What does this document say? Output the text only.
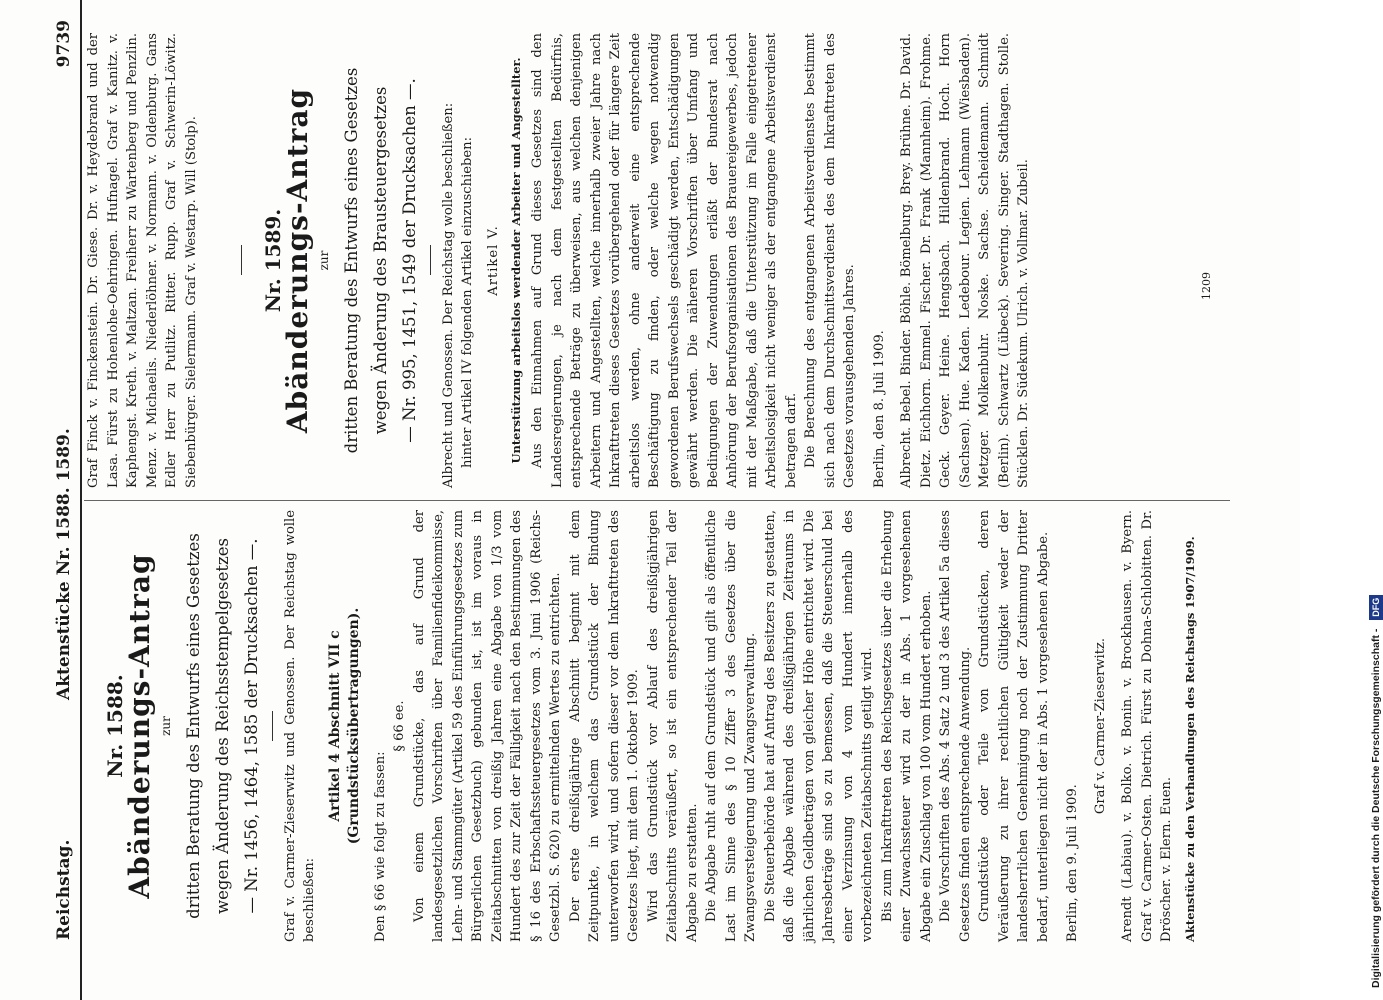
Reichstag.
Aktenstücke Nr. 1588. 1589.
9739
Nr. 1588.
Abänderungs-Antrag zur dritten Beratung des Entwurfs eines Gesetzes wegen Änderung des Reichsstempelgesetzes — Nr. 1456, 1464, 1585 der Drucksachen —. Graf v. Carmer-Zieserwitz und Genossen. Der Reichstag wolle beschließen:

Artikel 4 Abschnitt VII c (Grundstücksübertragungen).

Den § 66 wie folgt zu fassen:

§ 66 ee. Von einem Grundstücke, das auf Grund der landesgesetzlichen Vorschriften über Familienfideikommisse, Lehn- und Stammgüter (Artikel 59 des Einführungsgesetzes zum Bürgerlichen Gesetzbuch) gebunden ist, ist im voraus in Zeitabschnitten von dreißig Jahren eine Abgabe von 1/3 vom Hundert des zur Zeit der Fälligkeit nach den Bestimmungen des § 16 des Erbschaftssteuergesetzes vom 3. Juni 1906 (Reichs-Gesetzbl. S. 620) zu ermittelnden Wertes zu entrichten. Der erste dreißigjährige Abschnitt beginnt mit dem Zeitpunkte, in welchem das Grundstück der Bindung unterworfen wird, und sofern dieser vor dem Inkrafttreten des Gesetzes liegt, mit dem 1. Oktober 1909. Wird das Grundstück vor Ablauf des dreißigjährigen Zeitabschnitts veräußert, so ist ein entsprechender Teil der Abgabe zu erstatten. Die Abgabe ruht auf dem Grundstück und gilt als öffentliche Last im Sinne des § 10 Ziffer 3 des Gesetzes über die Zwangsversteigerung und Zwangsverwaltung. Die Steuerbehörde hat auf Antrag des Besitzers zu gestatten, daß die Abgabe während des dreißigjährigen Zeitraums in jährlichen Geldbeträgen von gleicher Höhe entrichtet wird. Die Jahresbeträge sind so zu bemessen, daß die Steuerschuld bei einer Verzinsung von 4 vom Hundert innerhalb des vorbezeichneten Zeitabschnitts getilgt wird. Bis zum Inkrafttreten des Reichsgesetzes über die Erhebung einer Zuwachssteuer wird zu der in Abs. 1 vorgesehenen Abgabe ein Zuschlag von 100 vom Hundert erhoben. Die Vorschriften des Abs. 4 Satz 2 und 3 des Artikel 5a dieses Gesetzes finden entsprechende Anwendung. Grundstücke oder Teile von Grundstücken, deren Veräußerung zu ihrer rechtlichen Gültigkeit weder der landesherrlichen Genehmigung noch der Zustimmung Dritter bedarf, unterliegen nicht der in Abs. 1 vorgesehenen Abgabe. Berlin, den 9. Juli 1909.

Graf v. Carmer-Zieserwitz. Arendt (Labiau). v. Bolko. v. Bonin. v. Brockhausen. v. Byern. Graf v. Carmer-Osten. Dietrich. Fürst zu Dohna-Schlobitten. Dr. Dröscher. v. Elern. Euen. Aktenstücke zu den Verhandlungen des Reichstags 1907/1909.

Graf Finck v. Finckenstein. Dr. Giese. Dr. v. Heydebrand und der Lasa. Fürst zu Hohenlohe-Oehringen. Hufnagel. Graf v. Kanitz. v. Kaphengst. Kreth. v. Maltzan. Freiherr zu Wartenberg und Penzlin. Menz. v. Michaelis. Niederlöhner. v. Normann. v. Oldenburg. Gans Edler Herr zu Putlitz. Ritter. Rupp. Graf v. Schwerin-Löwitz. Siebenbürger. Sielermann. Graf v. Westarp. Will (Stolp).	Nr. 1589.
Abänderungs-Antrag zur dritten Beratung des Entwurfs eines Gesetzes wegen Änderung des Brausteuergesetzes — Nr. 995, 1451, 1549 der Drucksachen —. Albrecht und Genossen. Der Reichstag wolle beschließen: hinter Artikel IV folgenden Artikel einzuschieben: Artikel V. Unterstützung arbeitslos werdender Arbeiter und Angestellter. Aus den Einnahmen auf Grund dieses Gesetzes sind den Landesregierungen, je nach dem festgestellten Bedürfnis, entsprechende Beträge zu überweisen, aus welchen denjenigen Arbeitern und Angestellten, welche innerhalb zweier Jahre nach Inkrafttreten dieses Gesetzes vorübergehend oder für längere Zeit arbeitslos werden, ohne anderweit eine entsprechende Beschäftigung zu finden, oder welche wegen notwendig gewordenen Berufswechsels geschädigt werden, Entschädigungen gewährt werden. Die näheren Vorschriften über Umfang und Bedingungen der Zuwendungen erläßt der Bundesrat nach Anhörung der Berufsorganisationen des Brauereigewerbes, jedoch mit der Maßgabe, daß die Unterstützung im Falle eingetretener Arbeitslosigkeit nicht weniger als der entgangene Arbeitsverdienst betragen darf. Die Berechnung des entgangenen Arbeitsverdienstes bestimmt sich nach dem Durchschnittsverdienst des dem Inkrafttreten des Gesetzes vorausgehenden Jahres. Berlin, den 8. Juli 1909. Albrecht. Bebel. Binder. Böhle. Bömelburg. Brey. Brühne. Dr. David. Dietz. Eichhorn. Emmel. Fischer. Dr. Frank (Mannheim). Frohme. Geck. Geyer. Heine. Hengsbach. Hildenbrand. Hoch. Horn (Sachsen). Hue. Kaden. Ledebour. Legien. Lehmann (Wiesbaden). Metzger. Molkenbuhr. Noske. Sachse. Scheidemann. Schmidt (Berlin). Schwartz (Lübeck). Severing. Singer. Stadthagen. Stolle. Stücklen. Dr. Südekum. Ulrich. v. Vollmar. Zubeil.	1209
Digitalisierung gefördert durch die Deutsche Forschungsgemeinschaft - DFG
